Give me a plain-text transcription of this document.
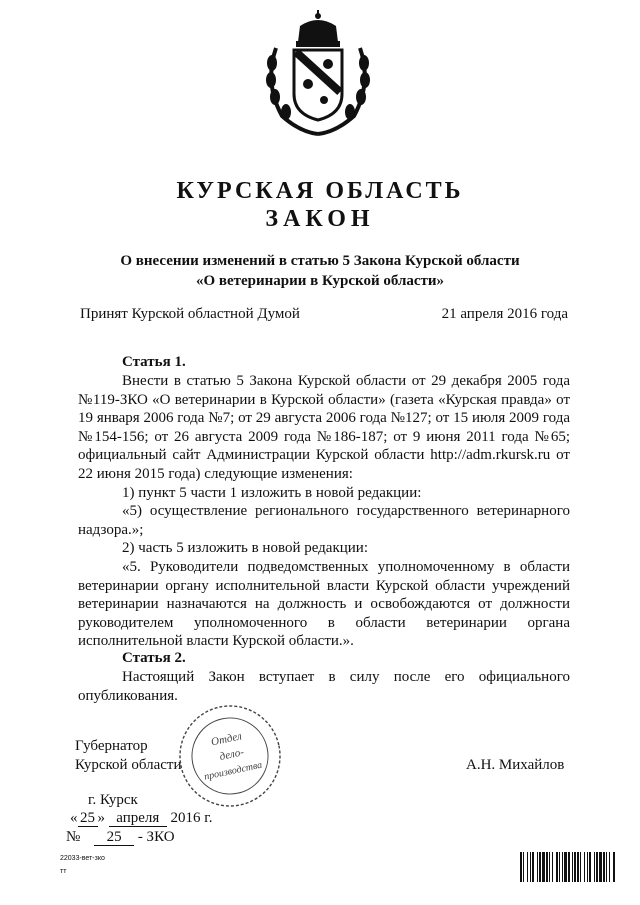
КУРСКАЯ ОБЛАСТЬ
ЗАКОН
О внесении изменений в статью 5 Закона Курской области
«О ветеринарии в Курской области»
Принят Курской областной Думой	21 апреля 2016 года
Статья 1.

Внести в статью 5 Закона Курской области от 29 декабря 2005 года №119-ЗКО «О ветеринарии в Курской области» (газета «Курская правда» от 19 января 2006 года №7; от 29 августа 2006 года №127; от 15 июля 2009 года №154-156; от 26 августа 2009 года №186-187; от 9 июня 2011 года №65; официальный сайт Администрации Курской области http://adm.rkursk.ru от 22 июня 2015 года) следующие изменения:

1) пункт 5 части 1 изложить в новой редакции:

«5) осуществление регионального государственного ветеринарного надзора.»;

2) часть 5 изложить в новой редакции:

«5. Руководители подведомственных уполномоченному в области ветеринарии органу исполнительной власти Курской области учреждений ветеринарии назначаются на должность и освобождаются от должности руководителем уполномоченного в области ветеринарии органа исполнительной власти Курской области.».

Статья 2.

Настоящий Закон вступает в силу после его официального опубликования.

Губернатор
Курской области	А.Н. Михайлов
Отдел
дело-
производства
г. Курск
« 25 » апреля 2016 г.
№ 25 - ЗКО
22033-вет-зко
тт
